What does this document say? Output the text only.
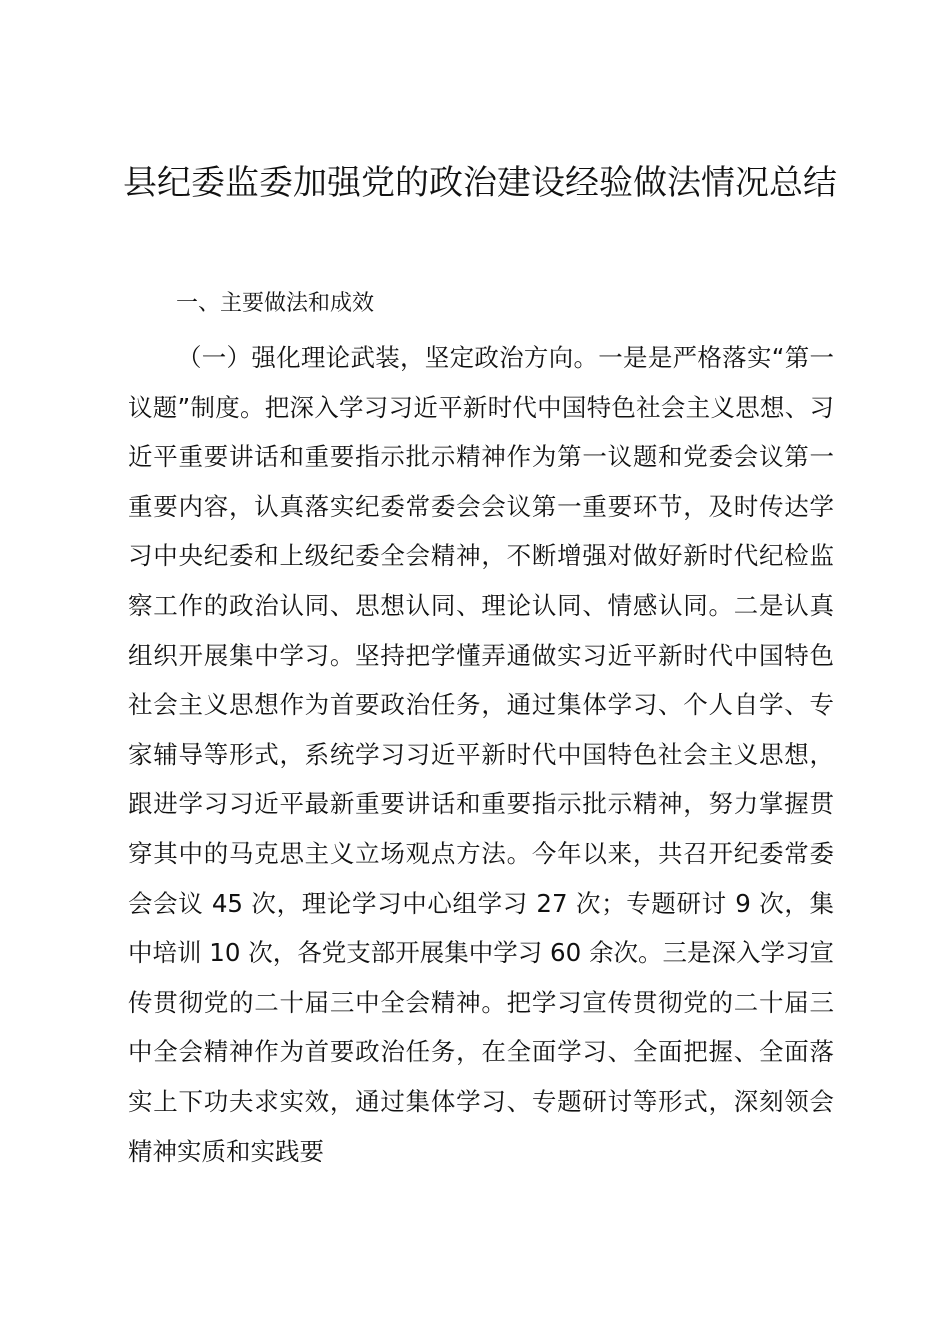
县纪委监委加强党的政治建设经验做法情况总结
一、主要做法和成效

（一）强化理论武装，坚定政治方向。一是是严格落实“第一议题”制度。把深入学习习近平新时代中国特色社会主义思想、习近平重要讲话和重要指示批示精神作为第一议题和党委会议第一重要内容，认真落实纪委常委会会议第一重要环节，及时传达学习中央纪委和上级纪委全会精神，不断增强对做好新时代纪检监察工作的政治认同、思想认同、理论认同、情感认同。二是认真组织开展集中学习。坚持把学懂弄通做实习近平新时代中国特色社会主义思想作为首要政治任务，通过集体学习、个人自学、专家辅导等形式，系统学习习近平新时代中国特色社会主义思想，跟进学习习近平最新重要讲话和重要指示批示精神，努力掌握贯穿其中的马克思主义立场观点方法。今年以来，共召开纪委常委会会议 45 次，理论学习中心组学习 27 次；专题研讨 9 次，集中培训 10 次，各党支部开展集中学习 60 余次。三是深入学习宣传贯彻党的二十届三中全会精神。把学习宣传贯彻党的二十届三中全会精神作为首要政治任务，在全面学习、全面把握、全面落实上下功夫求实效，通过集体学习、专题研讨等形式，深刻领会精神实质和实践要
